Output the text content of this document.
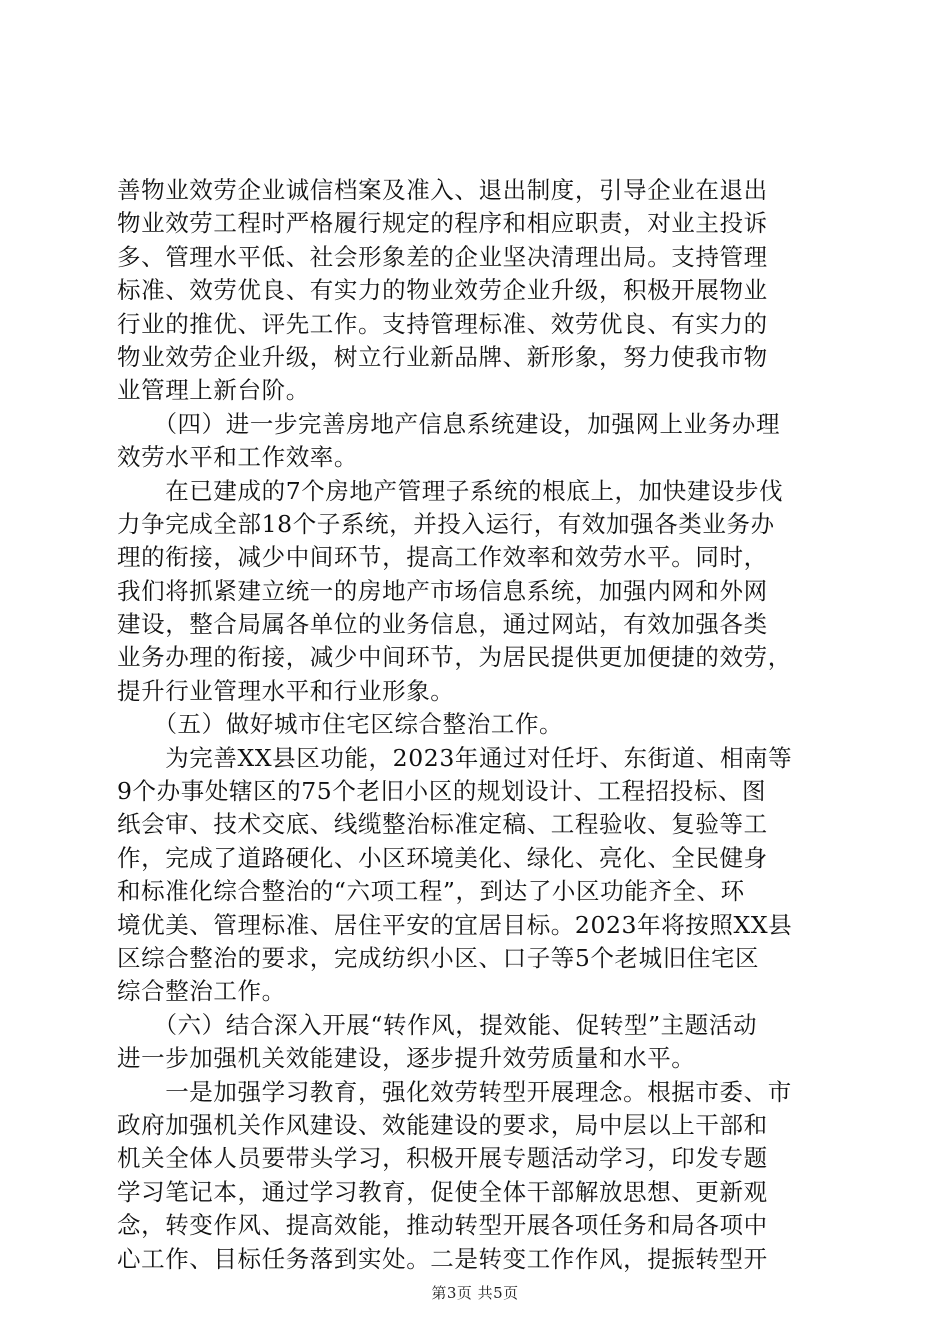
善物业效劳企业诚信档案及准入、退出制度，引导企业在退出
物业效劳工程时严格履行规定的程序和相应职责，对业主投诉
多、管理水平低、社会形象差的企业坚决清理出局。支持管理
标准、效劳优良、有实力的物业效劳企业升级，积极开展物业
行业的推优、评先工作。支持管理标准、效劳优良、有实力的
物业效劳企业升级，树立行业新品牌、新形象，努力使我市物
业管理上新台阶。
　　（四）进一步完善房地产信息系统建设，加强网上业务办理
效劳水平和工作效率。
　　在已建成的7个房地产管理子系统的根底上，加快建设步伐
力争完成全部18个子系统，并投入运行，有效加强各类业务办
理的衔接，减少中间环节，提高工作效率和效劳水平。同时，
我们将抓紧建立统一的房地产市场信息系统，加强内网和外网
建设，整合局属各单位的业务信息，通过网站，有效加强各类
业务办理的衔接，减少中间环节，为居民提供更加便捷的效劳，
提升行业管理水平和行业形象。
　　（五）做好城市住宅区综合整治工作。
　　为完善XX县区功能，2023年通过对任圩、东街道、相南等
9个办事处辖区的75个老旧小区的规划设计、工程招投标、图
纸会审、技术交底、线缆整治标准定稿、工程验收、复验等工
作，完成了道路硬化、小区环境美化、绿化、亮化、全民健身
和标准化综合整治的“六项工程”，到达了小区功能齐全、环
境优美、管理标准、居住平安的宜居目标。2023年将按照XX县
区综合整治的要求，完成纺织小区、口子等5个老城旧住宅区
综合整治工作。
　　（六）结合深入开展“转作风，提效能、促转型”主题活动
进一步加强机关效能建设，逐步提升效劳质量和水平。
　　一是加强学习教育，强化效劳转型开展理念。根据市委、市
政府加强机关作风建设、效能建设的要求，局中层以上干部和
机关全体人员要带头学习，积极开展专题活动学习，印发专题
学习笔记本，通过学习教育，促使全体干部解放思想、更新观
念，转变作风、提高效能，推动转型开展各项任务和局各项中
心工作、目标任务落到实处。二是转变工作作风，提振转型开
第3页 共5页
